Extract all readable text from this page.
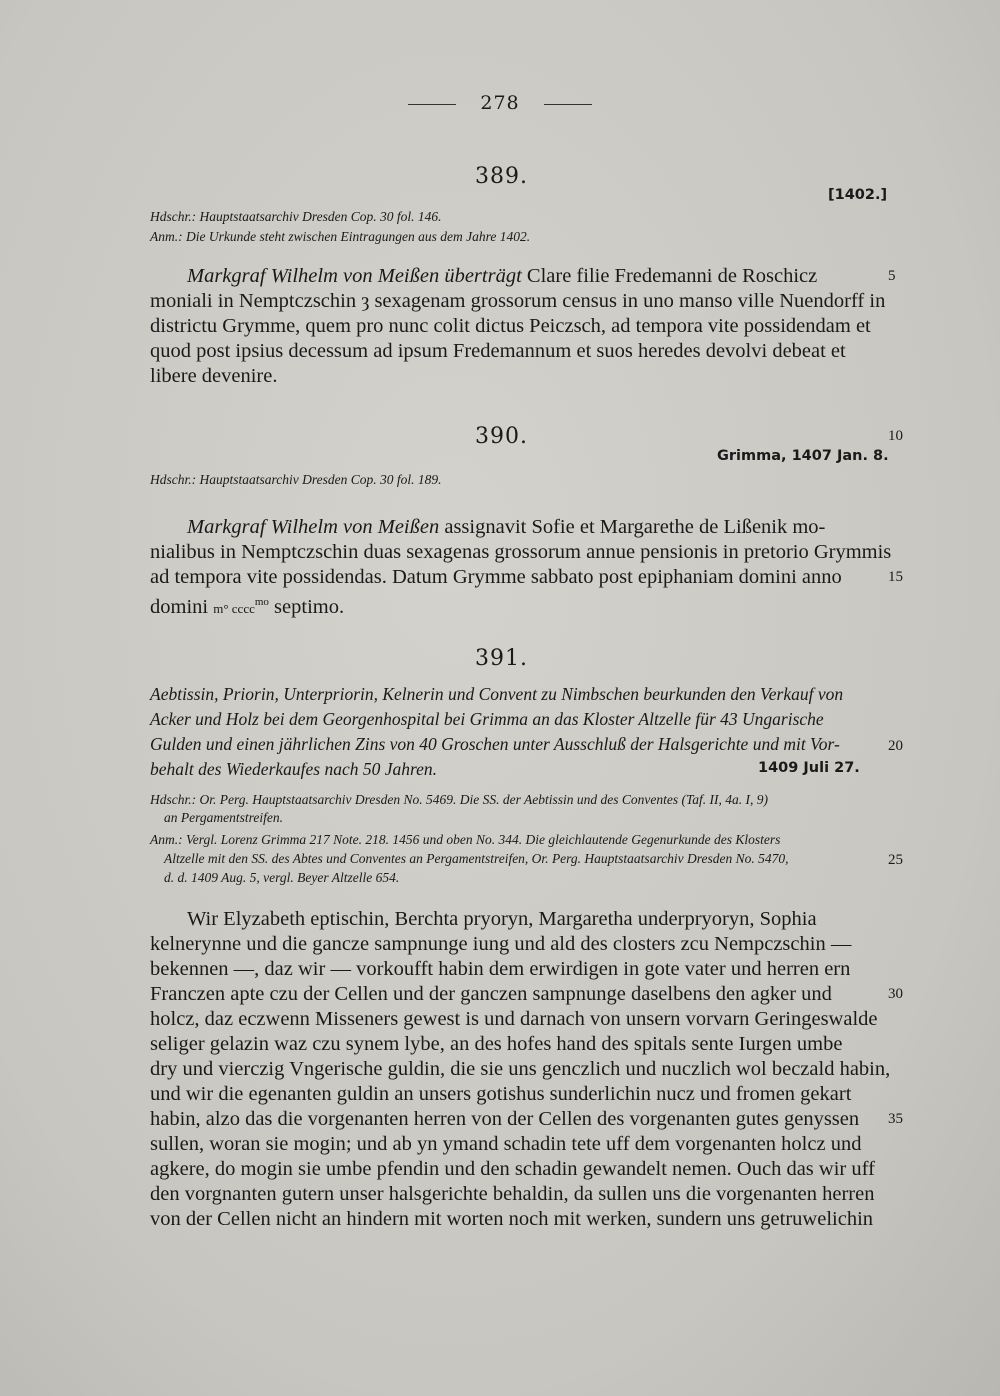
278
389.
[1402.]
Hdschr.: Hauptstaatsarchiv Dresden Cop. 30 fol. 146.
Anm.: Die Urkunde steht zwischen Eintragungen aus dem Jahre 1402.
Markgraf Wilhelm von Meißen überträgt Clare filie Fredemanni de Roschicz
moniali in Nemptczschin ȝ sexagenam grossorum census in uno manso ville Nuendorff in
districtu Grymme, quem pro nunc colit dictus Peiczsch, ad tempora vite possidendam et
quod post ipsius decessum ad ipsum Fredemannum et suos heredes devolvi debeat et
libere devenire.
390.
Grimma, 1407 Jan. 8.
Hdschr.: Hauptstaatsarchiv Dresden Cop. 30 fol. 189.
Markgraf Wilhelm von Meißen assignavit Sofie et Margarethe de Lißenik mo-
nialibus in Nemptczschin duas sexagenas grossorum annue pensionis in pretorio Grymmis
ad tempora vite possidendas. Datum Grymme sabbato post epiphaniam domini anno
domini m° cccc$^{mo}$ septimo.
391.
Aebtissin, Priorin, Unterpriorin, Kelnerin und Convent zu Nimbschen beurkunden den Verkauf von
Acker und Holz bei dem Georgenhospital bei Grimma an das Kloster Altzelle für 43 Ungarische
Gulden und einen jährlichen Zins von 40 Groschen unter Ausschluß der Halsgerichte und mit Vor-
behalt des Wiederkaufes nach 50 Jahren.	1409 Juli 27.
Hdschr.: Or. Perg. Hauptstaatsarchiv Dresden No. 5469. Die SS. der Aebtissin und des Conventes (Taf. II, 4a. I, 9)
an Pergamentstreifen.
Anm.: Vergl. Lorenz Grimma 217 Note. 218. 1456 und oben No. 344. Die gleichlautende Gegenurkunde des Klosters
Altzelle mit den SS. des Abtes und Conventes an Pergamentstreifen, Or. Perg. Hauptstaatsarchiv Dresden No. 5470,
d. d. 1409 Aug. 5, vergl. Beyer Altzelle 654.
Wir Elyzabeth eptischin, Berchta pryoryn, Margaretha underpryoryn, Sophia
kelnerynne und die gancze sampnunge iung und ald des closters zcu Nempczschin —
bekennen —, daz wir — vorkoufft habin dem erwirdigen in gote vater und herren ern
Franczen apte czu der Cellen und der ganczen sampnunge daselbens den agker und
holcz, daz eczwenn Misseners gewest is und darnach von unsern vorvarn Geringeswalde
seliger gelazin waz czu synem lybe, an des hofes hand des spitals sente Iurgen umbe
dry und vierczig Vngerische guldin, die sie uns genczlich und nuczlich wol beczald habin,
und wir die egenanten guldin an unsers gotishus sunderlichin nucz und fromen gekart
habin, alzo das die vorgenanten herren von der Cellen des vorgenanten gutes genyssen
sullen, woran sie mogin; und ab yn ymand schadin tete uff dem vorgenanten holcz und
agkere, do mogin sie umbe pfendin und den schadin gewandelt nemen. Ouch das wir uff
den vorgnanten gutern unser halsgerichte behaldin, da sullen uns die vorgenanten herren
von der Cellen nicht an hindern mit worten noch mit werken, sundern uns getruwelichin
5
10
15
20
25
30
35
